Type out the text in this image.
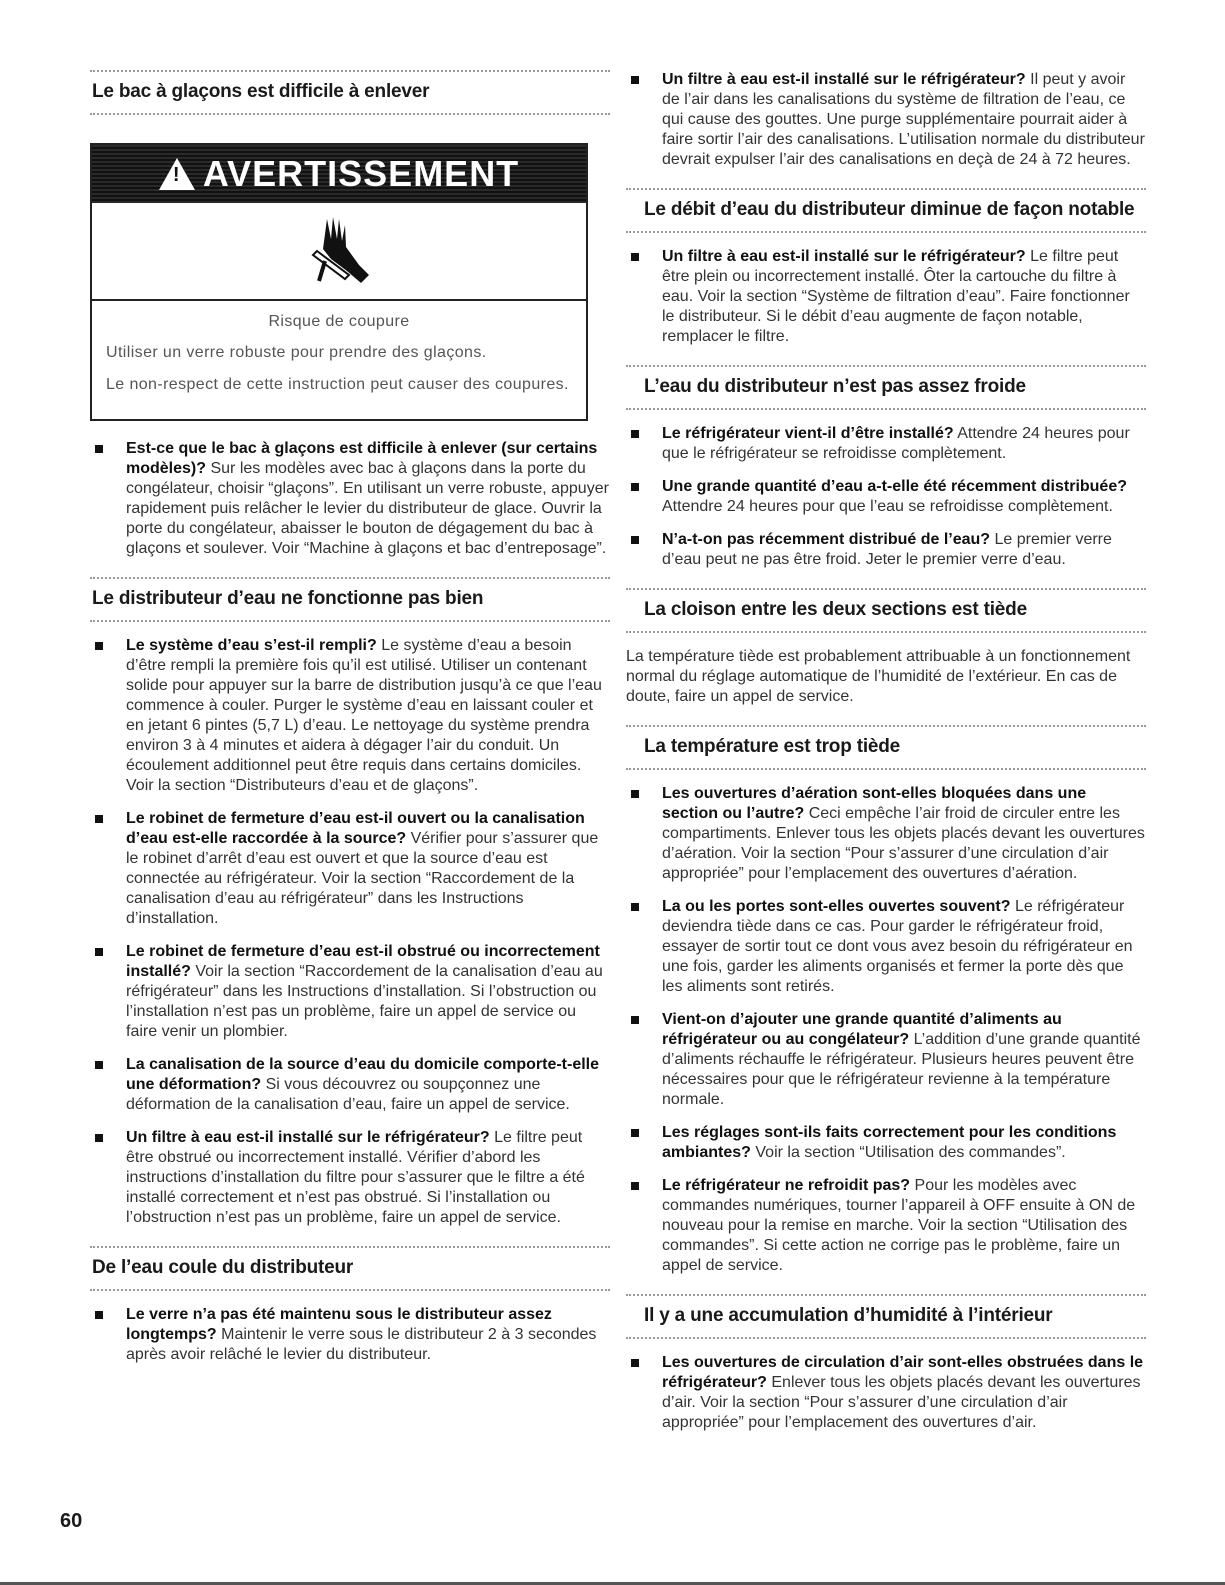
Le bac à glaçons est difficile à enlever
! AVERTISSEMENT

Risque de coupure

Utiliser un verre robuste pour prendre des glaçons.

Le non-respect de cette instruction peut causer des coupures.

Est-ce que le bac à glaçons est difficile à enlever (sur certains modèles)? Sur les modèles avec bac à glaçons dans la porte du congélateur, choisir “glaçons”. En utilisant un verre robuste, appuyer rapidement puis relâcher le levier du distributeur de glace. Ouvrir la porte du congélateur, abaisser le bouton de dégagement du bac à glaçons et soulever. Voir “Machine à glaçons et bac d’entreposage”.
Le distributeur d’eau ne fonctionne pas bien
Le système d’eau s’est-il rempli? Le système d’eau a besoin d’être rempli la première fois qu’il est utilisé. Utiliser un contenant solide pour appuyer sur la barre de distribution jusqu’à ce que l’eau commence à couler. Purger le système d’eau en laissant couler et en jetant 6 pintes (5,7 L) d’eau. Le nettoyage du système prendra environ 3 à 4 minutes et aidera à dégager l’air du conduit. Un écoulement additionnel peut être requis dans certains domiciles. Voir la section “Distributeurs d’eau et de glaçons”.
Le robinet de fermeture d’eau est-il ouvert ou la canalisation d’eau est-elle raccordée à la source? Vérifier pour s’assurer que le robinet d’arrêt d’eau est ouvert et que la source d’eau est connectée au réfrigérateur. Voir la section “Raccordement de la canalisation d’eau au réfrigérateur” dans les Instructions d’installation.
Le robinet de fermeture d’eau est-il obstrué ou incorrectement installé? Voir la section “Raccordement de la canalisation d’eau au réfrigérateur” dans les Instructions d’installation. Si l’obstruction ou l’installation n’est pas un problème, faire un appel de service ou faire venir un plombier.
La canalisation de la source d’eau du domicile comporte-t-elle une déformation? Si vous découvrez ou soupçonnez une déformation de la canalisation d’eau, faire un appel de service.
Un filtre à eau est-il installé sur le réfrigérateur? Le filtre peut être obstrué ou incorrectement installé. Vérifier d’abord les instructions d’installation du filtre pour s’assurer que le filtre a été installé correctement et n’est pas obstrué. Si l’installation ou l’obstruction n’est pas un problème, faire un appel de service.
De l’eau coule du distributeur
Le verre n’a pas été maintenu sous le distributeur assez longtemps? Maintenir le verre sous le distributeur 2 à 3 secondes après avoir relâché le levier du distributeur.
Un filtre à eau est-il installé sur le réfrigérateur? Il peut y avoir de l’air dans les canalisations du système de filtration de l’eau, ce qui cause des gouttes. Une purge supplémentaire pourrait aider à faire sortir l’air des canalisations. L’utilisation normale du distributeur devrait expulser l’air des canalisations en deçà de 24 à 72 heures.
Le débit d’eau du distributeur diminue de façon notable
Un filtre à eau est-il installé sur le réfrigérateur? Le filtre peut être plein ou incorrectement installé. Ôter la cartouche du filtre à eau. Voir la section “Système de filtration d’eau”. Faire fonctionner le distributeur. Si le débit d’eau augmente de façon notable, remplacer le filtre.
L’eau du distributeur n’est pas assez froide
Le réfrigérateur vient-il d’être installé? Attendre 24 heures pour que le réfrigérateur se refroidisse complètement.
Une grande quantité d’eau a-t-elle été récemment distribuée? Attendre 24 heures pour que l’eau se refroidisse complètement.
N’a-t-on pas récemment distribué de l’eau? Le premier verre d’eau peut ne pas être froid. Jeter le premier verre d’eau.
La cloison entre les deux sections est tiède

La température tiède est probablement attribuable à un fonctionnement normal du réglage automatique de l’humidité de l’extérieur. En cas de doute, faire un appel de service.

La température est trop tiède
Les ouvertures d’aération sont-elles bloquées dans une section ou l’autre? Ceci empêche l’air froid de circuler entre les compartiments. Enlever tous les objets placés devant les ouvertures d’aération. Voir la section “Pour s’assurer d’une circulation d’air appropriée” pour l’emplacement des ouvertures d’aération.
La ou les portes sont-elles ouvertes souvent? Le réfrigérateur deviendra tiède dans ce cas. Pour garder le réfrigérateur froid, essayer de sortir tout ce dont vous avez besoin du réfrigérateur en une fois, garder les aliments organisés et fermer la porte dès que les aliments sont retirés.
Vient-on d’ajouter une grande quantité d’aliments au réfrigérateur ou au congélateur? L’addition d’une grande quantité d’aliments réchauffe le réfrigérateur. Plusieurs heures peuvent être nécessaires pour que le réfrigérateur revienne à la température normale.
Les réglages sont-ils faits correctement pour les conditions ambiantes? Voir la section “Utilisation des commandes”.
Le réfrigérateur ne refroidit pas? Pour les modèles avec commandes numériques, tourner l’appareil à OFF ensuite à ON de nouveau pour la remise en marche. Voir la section “Utilisation des commandes”. Si cette action ne corrige pas le problème, faire un appel de service.
Il y a une accumulation d’humidité à l’intérieur
Les ouvertures de circulation d’air sont-elles obstruées dans le réfrigérateur? Enlever tous les objets placés devant les ouvertures d’air. Voir la section “Pour s’assurer d’une circulation d’air appropriée” pour l’emplacement des ouvertures d’air.
60
